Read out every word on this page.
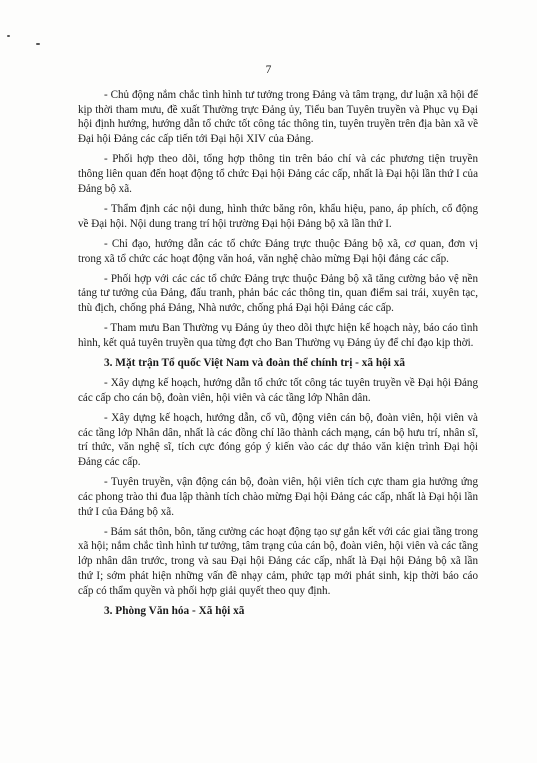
7

- Chủ động nắm chắc tình hình tư tưởng trong Đảng và tâm trạng, dư luận xã hội để kịp thời tham mưu, đề xuất Thường trực Đảng ủy, Tiểu ban Tuyên truyền và Phục vụ Đại hội định hướng, hướng dẫn tổ chức tốt công tác thông tin, tuyên truyền trên địa bàn xã về Đại hội Đảng các cấp tiến tới Đại hội XIV của Đảng.

- Phối hợp theo dõi, tổng hợp thông tin trên báo chí và các phương tiện truyền thông liên quan đến hoạt động tổ chức Đại hội Đảng các cấp, nhất là Đại hội lần thứ I của Đảng bộ xã.

- Thẩm định các nội dung, hình thức băng rôn, khẩu hiệu, pano, áp phích, cổ động về Đại hội. Nội dung trang trí hội trường Đại hội Đảng bộ xã lần thứ I.

- Chỉ đạo, hướng dẫn các tổ chức Đảng trực thuộc Đảng bộ xã, cơ quan, đơn vị trong xã tổ chức các hoạt động văn hoá, văn nghệ chào mừng Đại hội đảng các cấp.

- Phối hợp với các các tổ chức Đảng trực thuộc Đảng bộ xã tăng cường bảo vệ nền tảng tư tưởng của Đảng, đấu tranh, phản bác các thông tin, quan điểm sai trái, xuyên tạc, thù địch, chống phá Đảng, Nhà nước, chống phá Đại hội Đảng các cấp.

- Tham mưu Ban Thường vụ Đảng ủy theo dõi thực hiện kế hoạch này, báo cáo tình hình, kết quả tuyên truyền qua từng đợt cho Ban Thường vụ Đảng ủy để chỉ đạo kịp thời.

3. Mặt trận Tổ quốc Việt Nam và đoàn thể chính trị - xã hội xã

- Xây dựng kế hoạch, hướng dẫn tổ chức tốt công tác tuyên truyền về Đại hội Đảng các cấp cho cán bộ, đoàn viên, hội viên và các tầng lớp Nhân dân.

- Xây dựng kế hoạch, hướng dẫn, cổ vũ, động viên cán bộ, đoàn viên, hội viên và các tầng lớp Nhân dân, nhất là các đồng chí lão thành cách mạng, cán bộ hưu trí, nhân sĩ, trí thức, văn nghệ sĩ, tích cực đóng góp ý kiến vào các dự thảo văn kiện trình Đại hội Đảng các cấp.

- Tuyên truyền, vận động cán bộ, đoàn viên, hội viên tích cực tham gia hưởng ứng các phong trào thi đua lập thành tích chào mừng Đại hội Đảng các cấp, nhất là Đại hội lần thứ I của Đảng bộ xã.

- Bám sát thôn, bôn, tăng cường các hoạt động tạo sự gắn kết với các giai tầng trong xã hội; nắm chắc tình hình tư tưởng, tâm trạng của cán bộ, đoàn viên, hội viên và các tầng lớp nhân dân trước, trong và sau Đại hội Đảng các cấp, nhất là Đại hội Đảng bộ xã lần thứ I; sớm phát hiện những vấn đề nhạy cảm, phức tạp mới phát sinh, kịp thời báo cáo cấp có thẩm quyền và phối hợp giải quyết theo quy định.

3. Phòng Văn hóa - Xã hội xã
